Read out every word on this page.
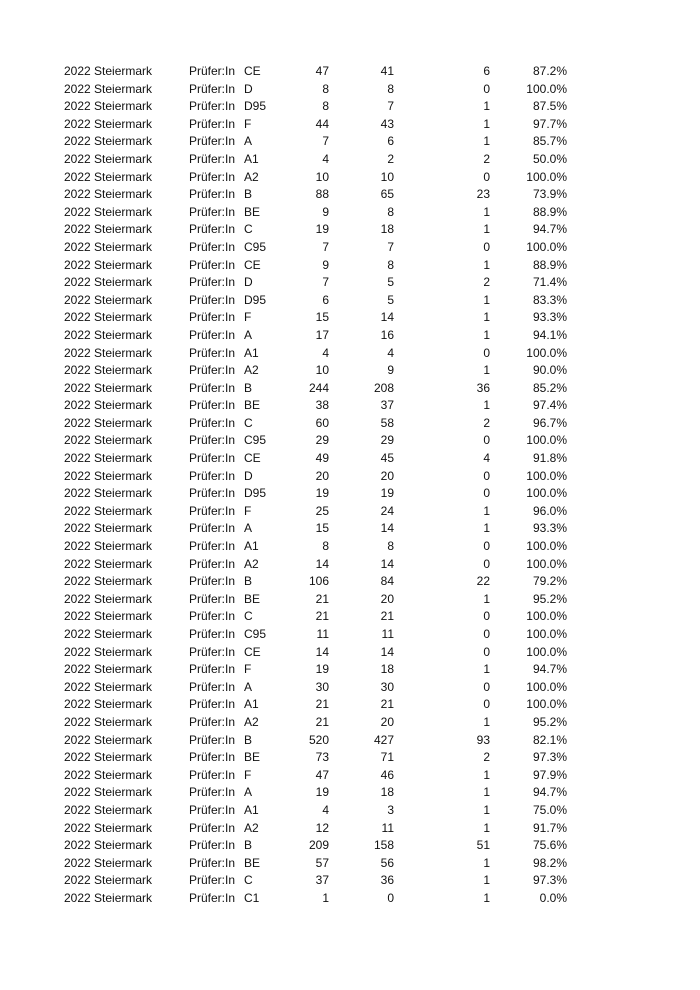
2022 Steiermark	Prüfer:In CE	47	41	6	87.2%
2022 Steiermark	Prüfer:In D	8	8	0	100.0%
2022 Steiermark	Prüfer:In D95	8	7	1	87.5%
2022 Steiermark	Prüfer:In F	44	43	1	97.7%
2022 Steiermark	Prüfer:In A	7	6	1	85.7%
2022 Steiermark	Prüfer:In A1	4	2	2	50.0%
2022 Steiermark	Prüfer:In A2	10	10	0	100.0%
2022 Steiermark	Prüfer:In B	88	65	23	73.9%
2022 Steiermark	Prüfer:In BE	9	8	1	88.9%
2022 Steiermark	Prüfer:In C	19	18	1	94.7%
2022 Steiermark	Prüfer:In C95	7	7	0	100.0%
2022 Steiermark	Prüfer:In CE	9	8	1	88.9%
2022 Steiermark	Prüfer:In D	7	5	2	71.4%
2022 Steiermark	Prüfer:In D95	6	5	1	83.3%
2022 Steiermark	Prüfer:In F	15	14	1	93.3%
2022 Steiermark	Prüfer:In A	17	16	1	94.1%
2022 Steiermark	Prüfer:In A1	4	4	0	100.0%
2022 Steiermark	Prüfer:In A2	10	9	1	90.0%
2022 Steiermark	Prüfer:In B	244	208	36	85.2%
2022 Steiermark	Prüfer:In BE	38	37	1	97.4%
2022 Steiermark	Prüfer:In C	60	58	2	96.7%
2022 Steiermark	Prüfer:In C95	29	29	0	100.0%
2022 Steiermark	Prüfer:In CE	49	45	4	91.8%
2022 Steiermark	Prüfer:In D	20	20	0	100.0%
2022 Steiermark	Prüfer:In D95	19	19	0	100.0%
2022 Steiermark	Prüfer:In F	25	24	1	96.0%
2022 Steiermark	Prüfer:In A	15	14	1	93.3%
2022 Steiermark	Prüfer:In A1	8	8	0	100.0%
2022 Steiermark	Prüfer:In A2	14	14	0	100.0%
2022 Steiermark	Prüfer:In B	106	84	22	79.2%
2022 Steiermark	Prüfer:In BE	21	20	1	95.2%
2022 Steiermark	Prüfer:In C	21	21	0	100.0%
2022 Steiermark	Prüfer:In C95	11	11	0	100.0%
2022 Steiermark	Prüfer:In CE	14	14	0	100.0%
2022 Steiermark	Prüfer:In F	19	18	1	94.7%
2022 Steiermark	Prüfer:In A	30	30	0	100.0%
2022 Steiermark	Prüfer:In A1	21	21	0	100.0%
2022 Steiermark	Prüfer:In A2	21	20	1	95.2%
2022 Steiermark	Prüfer:In B	520	427	93	82.1%
2022 Steiermark	Prüfer:In BE	73	71	2	97.3%
2022 Steiermark	Prüfer:In F	47	46	1	97.9%
2022 Steiermark	Prüfer:In A	19	18	1	94.7%
2022 Steiermark	Prüfer:In A1	4	3	1	75.0%
2022 Steiermark	Prüfer:In A2	12	11	1	91.7%
2022 Steiermark	Prüfer:In B	209	158	51	75.6%
2022 Steiermark	Prüfer:In BE	57	56	1	98.2%
2022 Steiermark	Prüfer:In C	37	36	1	97.3%
2022 Steiermark	Prüfer:In C1	1	0	1	0.0%
